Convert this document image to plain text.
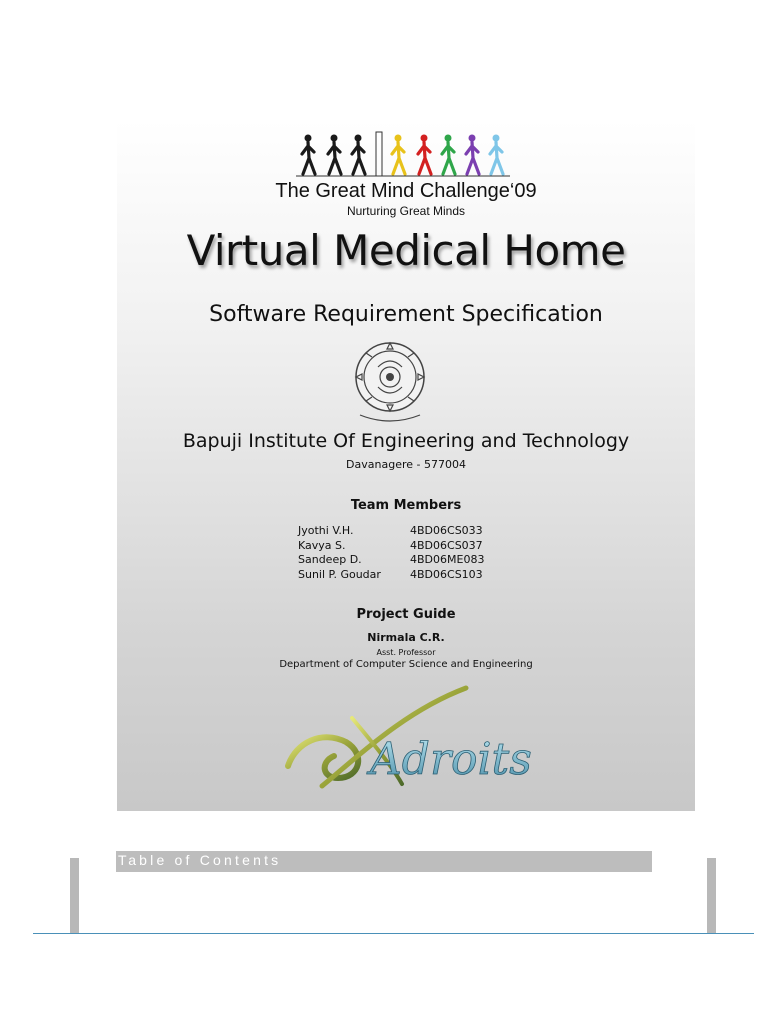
The Great Mind Challenge‘09
Nurturing Great Minds
Virtual Medical Home
Software Requirement Specification
Bapuji Institute Of Engineering and Technology
Davanagere - 577004
Team Members
Jyothi V.H.	4BD06CS033
Kavya S.	4BD06CS037
Sandeep D.	4BD06ME083
Sunil P. Goudar	4BD06CS103
Project Guide
Nirmala C.R.
Asst. Professor
Department of Computer Science and Engineering
Adroits
Table of Contents
